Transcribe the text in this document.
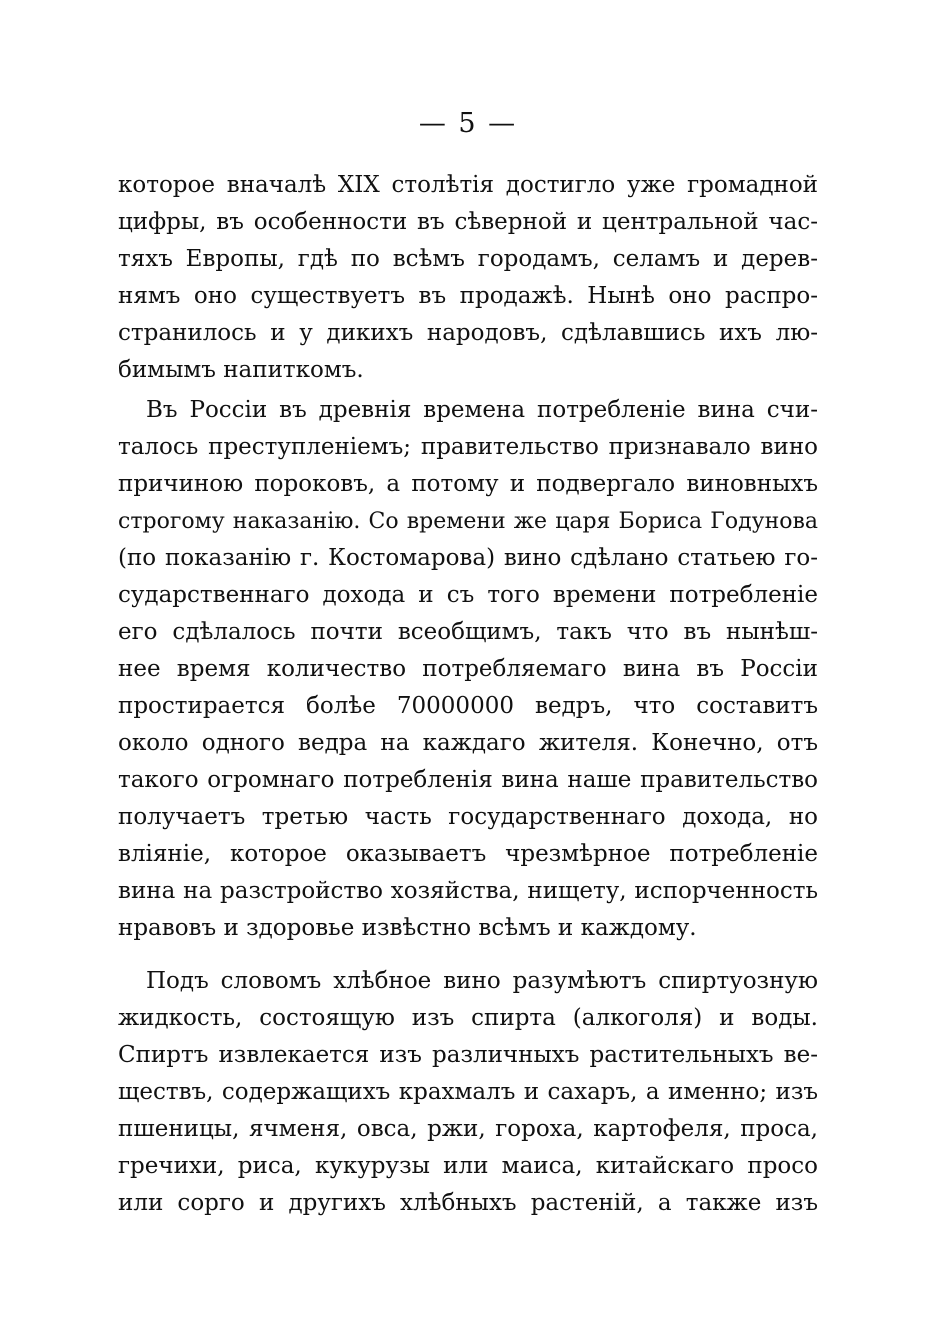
— 5 —
которое вначалѣ XIX столѣтія достигло уже громадной
цифры, въ особенности въ сѣверной и центральной час-
тяхъ Европы, гдѣ по всѣмъ городамъ, селамъ и дерев-
нямъ оно существуетъ въ продажѣ. Нынѣ оно распро-
странилось и у дикихъ народовъ, сдѣлавшись ихъ лю-
бимымъ напиткомъ.
Въ Россіи въ древнія времена потребленіе вина счи-
талось преступленіемъ; правительство признавало вино
причиною пороковъ, а потому и подвергало виновныхъ
строгому наказанію. Со времени же царя Бориса Годунова
(по показанію г. Костомарова) вино сдѣлано статьею го-
сударственнаго дохода и съ того времени потребленіе
его сдѣлалось почти всеобщимъ, такъ что въ нынѣш-
нее время количество потребляемаго вина въ Россіи
простирается болѣе 70000000 ведръ, что составитъ
около одного ведра на каждаго жителя. Конечно, отъ
такого огромнаго потребленія вина наше правительство
получаетъ третью часть государственнаго дохода, но
вліяніе, которое оказываетъ чрезмѣрное потребленіе
вина на разстройство хозяйства, нищету, испорченность
нравовъ и здоровье извѣстно всѣмъ и каждому.
Подъ словомъ хлѣбное вино разумѣютъ спиртуозную
жидкость, состоящую изъ спирта (алкоголя) и воды.
Спиртъ извлекается изъ различныхъ растительныхъ ве-
ществъ, содержащихъ крахмалъ и сахаръ, а именно; изъ
пшеницы, ячменя, овса, ржи, гороха, картофеля, проса,
гречихи, риса, кукурузы или маиса, китайскаго просо
или сорго и другихъ хлѣбныхъ растеній, а также изъ
